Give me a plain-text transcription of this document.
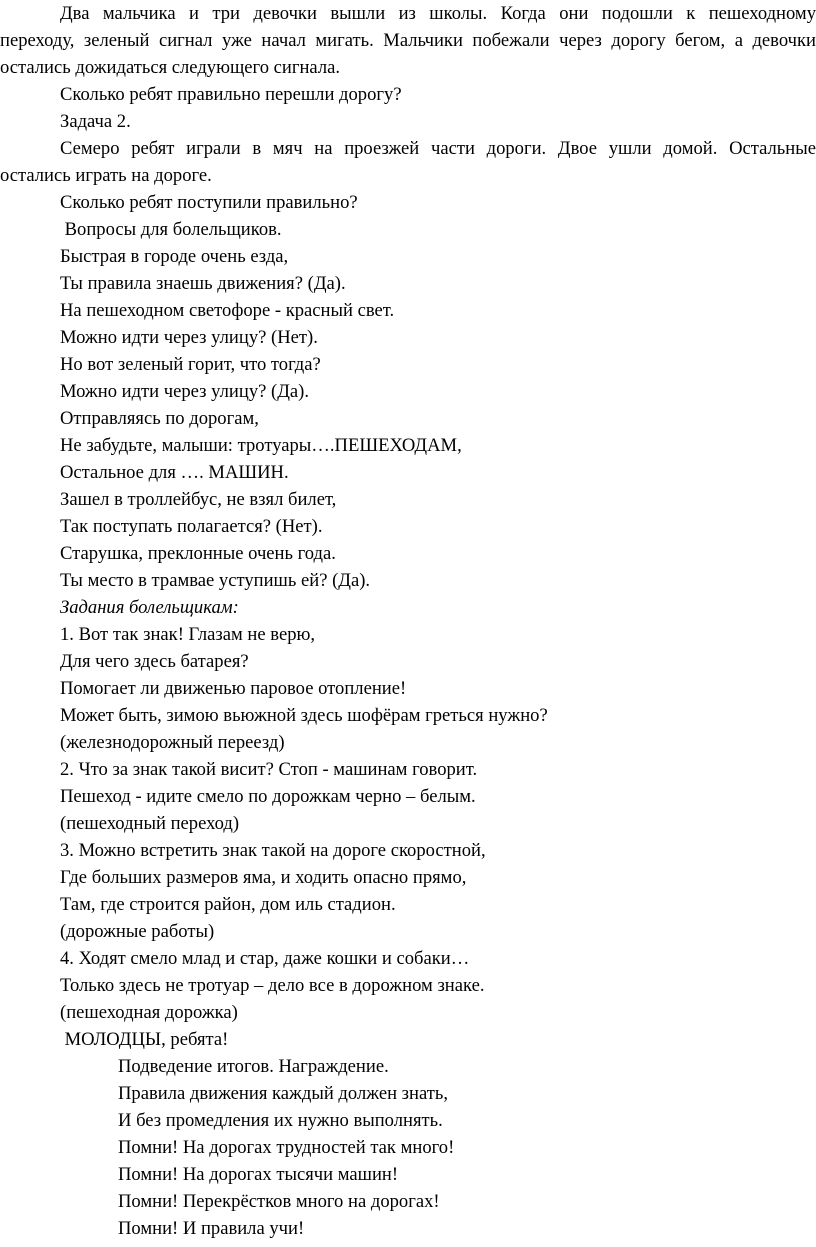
Два мальчика и три девочки вышли из школы. Когда они подошли к пешеходному
переходу, зеленый сигнал уже начал мигать. Мальчики побежали через дорогу бегом, а девочки
остались дожидаться следующего сигнала.
Сколько ребят правильно перешли дорогу?
Задача 2.
Семеро ребят играли в мяч на проезжей части дороги. Двое ушли домой. Остальные
остались играть на дороге.
Сколько ребят поступили правильно?
Вопросы для болельщиков.
Быстрая в городе очень езда,
Ты правила знаешь движения? (Да).
На пешеходном светофоре - красный свет.
Можно идти через улицу? (Нет).
Но вот зеленый горит, что тогда?
Можно идти через улицу? (Да).
Отправляясь по дорогам,
Не забудьте, малыши: тротуары….ПЕШЕХОДАМ,
Остальное для …. МАШИН.
Зашел в троллейбус, не взял билет,
Так поступать полагается? (Нет).
Старушка, преклонные очень года.
Ты место в трамвае уступишь ей? (Да).
Задания болельщикам:
1. Вот так знак! Глазам не верю,
Для чего здесь батарея?
Помогает ли движенью паровое отопление!
Может быть, зимою вьюжной здесь шофёрам греться нужно?
(железнодорожный переезд)
2. Что за знак такой висит? Стоп - машинам говорит.
Пешеход - идите смело по дорожкам черно – белым.
(пешеходный переход)
3. Можно встретить знак такой на дороге скоростной,
Где больших размеров яма, и ходить опасно прямо,
Там, где строится район, дом иль стадион.
(дорожные работы)
4. Ходят смело млад и стар, даже кошки и собаки…
Только здесь не тротуар – дело все в дорожном знаке.
(пешеходная дорожка)
МОЛОДЦЫ, ребята!
Подведение итогов. Награждение.
Правила движения каждый должен знать,
И без промедления их нужно выполнять.
Помни! На дорогах трудностей так много!
Помни! На дорогах тысячи машин!
Помни! Перекрёстков много на дорогах!
Помни! И правила учи!
